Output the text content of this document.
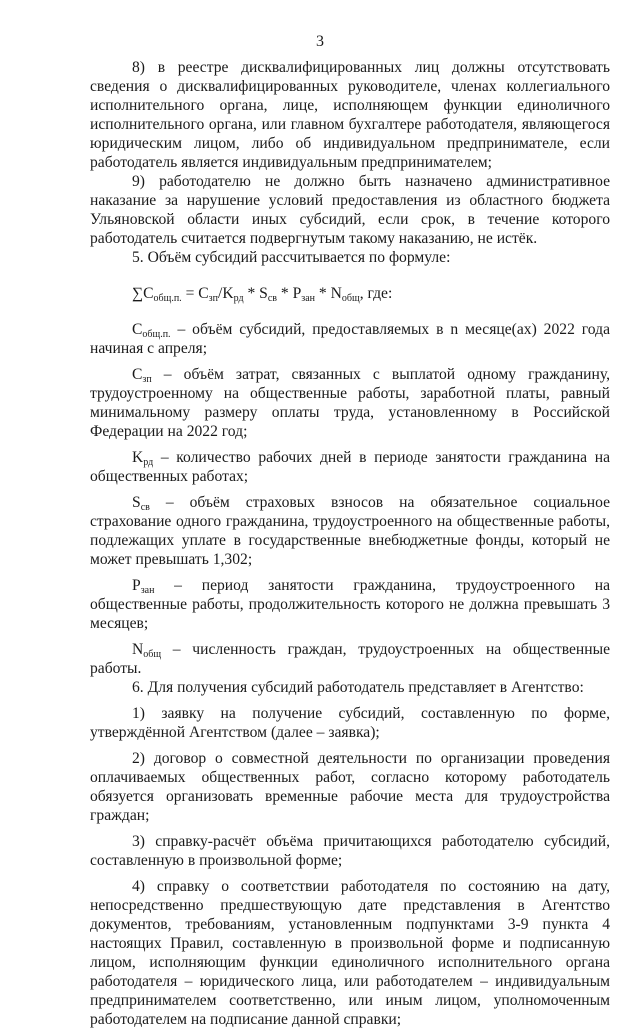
3

8) в реестре дисквалифицированных лиц должны отсутствовать сведения о дисквалифицированных руководителе, членах коллегиального исполнительного органа, лице, исполняющем функции единоличного исполнительного органа, или главном бухгалтере работодателя, являющегося юридическим лицом, либо об индивидуальном предпринимателе, если работодатель является индивидуальным предпринимателем;

9) работодателю не должно быть назначено административное наказание за нарушение условий предоставления из областного бюджета Ульяновской области иных субсидий, если срок, в течение которого работодатель считается подвергнутым такому наказанию, не истёк.

5. Объём субсидий рассчитывается по формуле:

$\sum C_{общ.п.} = C_{зп}/K_{рд} * S_{св} * P_{зан} * N_{общ}$, где:

$C_{общ.п.}$ – объём субсидий, предоставляемых в n месяце(ах) 2022 года начиная с апреля;

$C_{зп}$ – объём затрат, связанных с выплатой одному гражданину, трудоустроенному на общественные работы, заработной платы, равный минимальному размеру оплаты труда, установленному в Российской Федерации на 2022 год;

$K_{рд}$ – количество рабочих дней в периоде занятости гражданина на общественных работах;

$S_{св}$ – объём страховых взносов на обязательное социальное страхование одного гражданина, трудоустроенного на общественные работы, подлежащих уплате в государственные внебюджетные фонды, который не может превышать 1,302;

$P_{зан}$ – период занятости гражданина, трудоустроенного на общественные работы, продолжительность которого не должна превышать 3 месяцев;

$N_{общ}$ – численность граждан, трудоустроенных на общественные работы.

6. Для получения субсидий работодатель представляет в Агентство:

1) заявку на получение субсидий, составленную по форме, утверждённой Агентством (далее – заявка);

2) договор о совместной деятельности по организации проведения оплачиваемых общественных работ, согласно которому работодатель обязуется организовать временные рабочие места для трудоустройства граждан;

3) справку-расчёт объёма причитающихся работодателю субсидий, составленную в произвольной форме;

4) справку о соответствии работодателя по состоянию на дату, непосредственно предшествующую дате представления в Агентство документов, требованиям, установленным подпунктами 3-9 пункта 4 настоящих Правил, составленную в произвольной форме и подписанную лицом, исполняющим функции единоличного исполнительного органа работодателя – юридического лица, или работодателем – индивидуальным предпринимателем соответственно, или иным лицом, уполномоченным работодателем на подписание данной справки;
